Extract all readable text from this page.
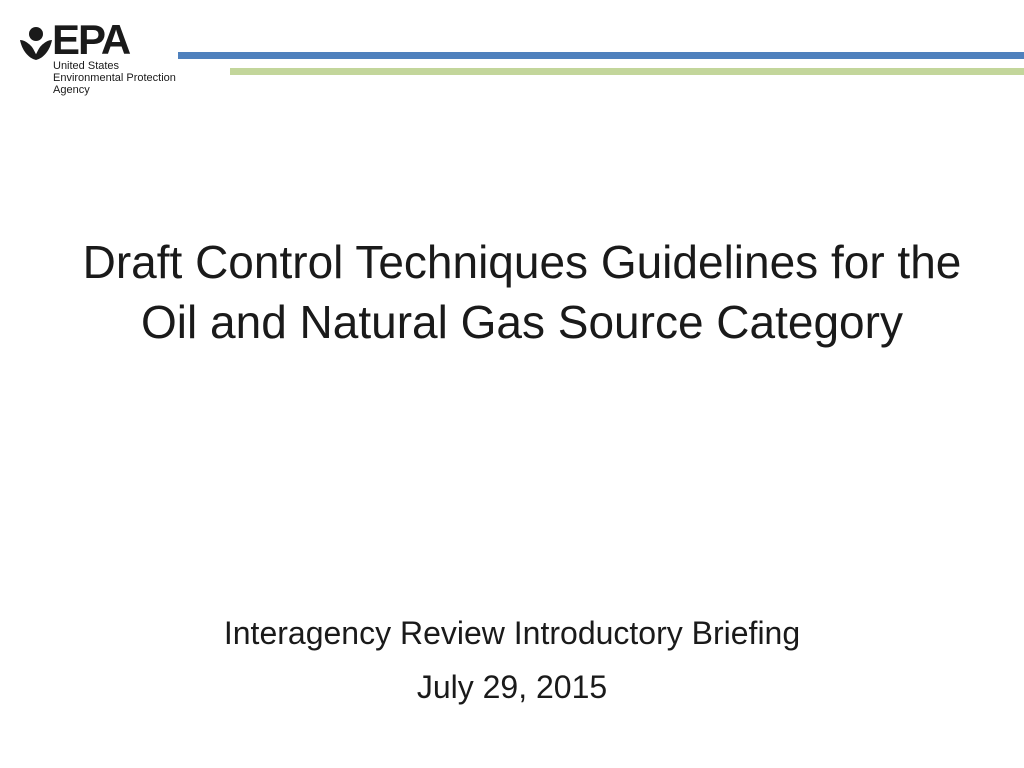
EPA
United States
Environmental Protection
Agency
Draft Control Techniques Guidelines for the Oil and Natural Gas Source Category
Interagency Review Introductory Briefing
July 29, 2015
